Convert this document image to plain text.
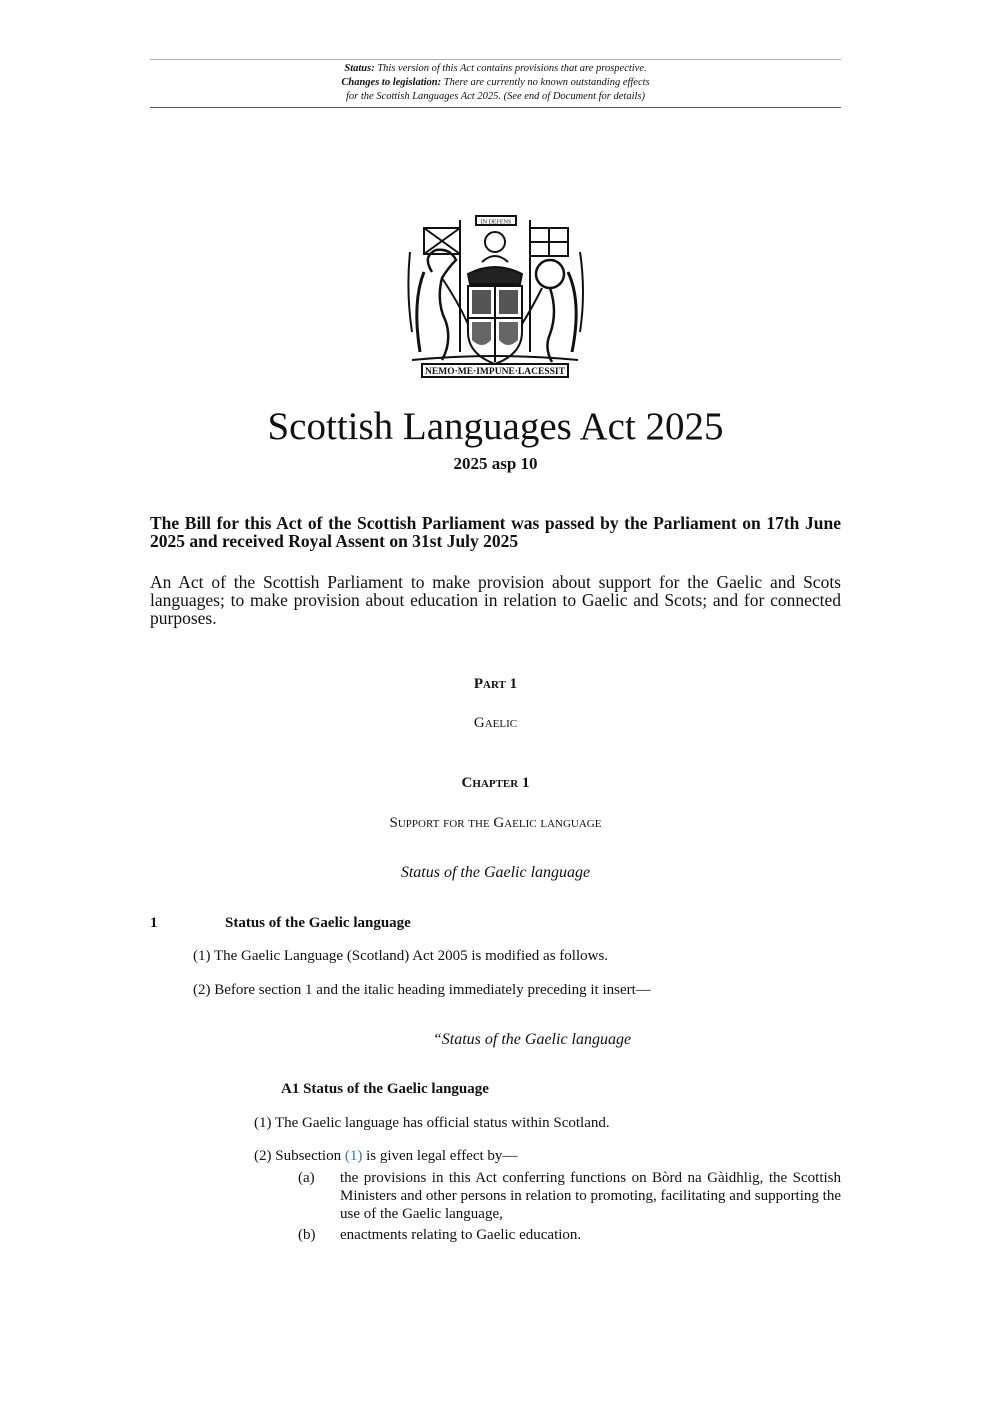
Status: This version of this Act contains provisions that are prospective.
Changes to legislation: There are currently no known outstanding effects
for the Scottish Languages Act 2025. (See end of Document for details)
NEMO·ME·IMPUNE·LACESSIT
IN DEFENS
Scottish Languages Act 2025
2025 asp 10
The Bill for this Act of the Scottish Parliament was passed by the Parliament on 17th June 2025 and received Royal Assent on 31st July 2025
An Act of the Scottish Parliament to make provision about support for the Gaelic and Scots languages; to make provision about education in relation to Gaelic and Scots; and for connected purposes.
Part 1
Gaelic
Chapter 1
Support for the Gaelic language
Status of the Gaelic language
1	Status of the Gaelic language
(1) The Gaelic Language (Scotland) Act 2005 is modified as follows.
(2) Before section 1 and the italic heading immediately preceding it insert—
“Status of the Gaelic language
A1 Status of the Gaelic language
(1) The Gaelic language has official status within Scotland.
(2) Subsection (1) is given legal effect by—
(a) the provisions in this Act conferring functions on Bòrd na Gàidhlig, the Scottish Ministers and other persons in relation to promoting, facilitating and supporting the use of the Gaelic language,
(b) enactments relating to Gaelic education.
